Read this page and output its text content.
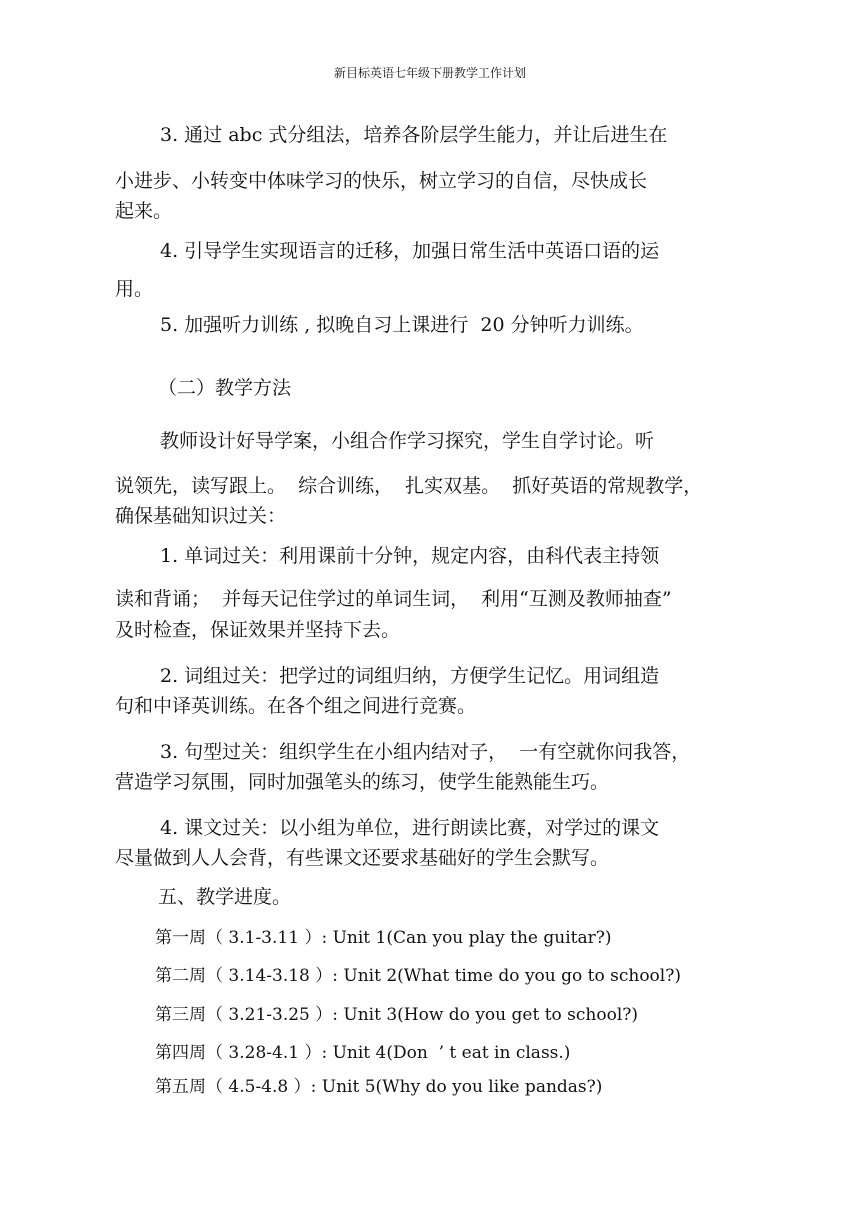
新目标英语七年级下册教学工作计划
3. 通过 abc 式分组法，培养各阶层学生能力，并让后进生在
小进步、小转变中体味学习的快乐，树立学习的自信，尽快成长
起来。
4. 引导学生实现语言的迁移，加强日常生活中英语口语的运
用。
5. 加强听力训练 , 拟晚自习上课进行  20 分钟听力训练。
（二）教学方法
教师设计好导学案，小组合作学习探究，学生自学讨论。听
说领先，读写跟上。  综合训练，  扎实双基。  抓好英语的常规教学，
确保基础知识过关：
1. 单词过关：利用课前十分钟，规定内容，由科代表主持领
读和背诵；  并每天记住学过的单词生词，  利用“互测及教师抽查”
及时检查，保证效果并坚持下去。
2. 词组过关：把学过的词组归纳，方便学生记忆。用词组造
句和中译英训练。在各个组之间进行竞赛。
3. 句型过关：组织学生在小组内结对子，  一有空就你问我答，
营造学习氛围，同时加强笔头的练习，使学生能熟能生巧。
4. 课文过关：以小组为单位，进行朗读比赛，对学过的课文
尽量做到人人会背，有些课文还要求基础好的学生会默写。
五、教学进度。
第一周（ 3.1-3.11 ）: Unit 1(Can you play the guitar?)
第二周（ 3.14-3.18 ）: Unit 2(What time do you go to school?)
第三周（ 3.21-3.25 ）: Unit 3(How do you get to school?)
第四周（ 3.28-4.1 ）: Unit 4(Don  ’ t eat in class.)
第五周（ 4.5-4.8 ）: Unit 5(Why do you like pandas?)
